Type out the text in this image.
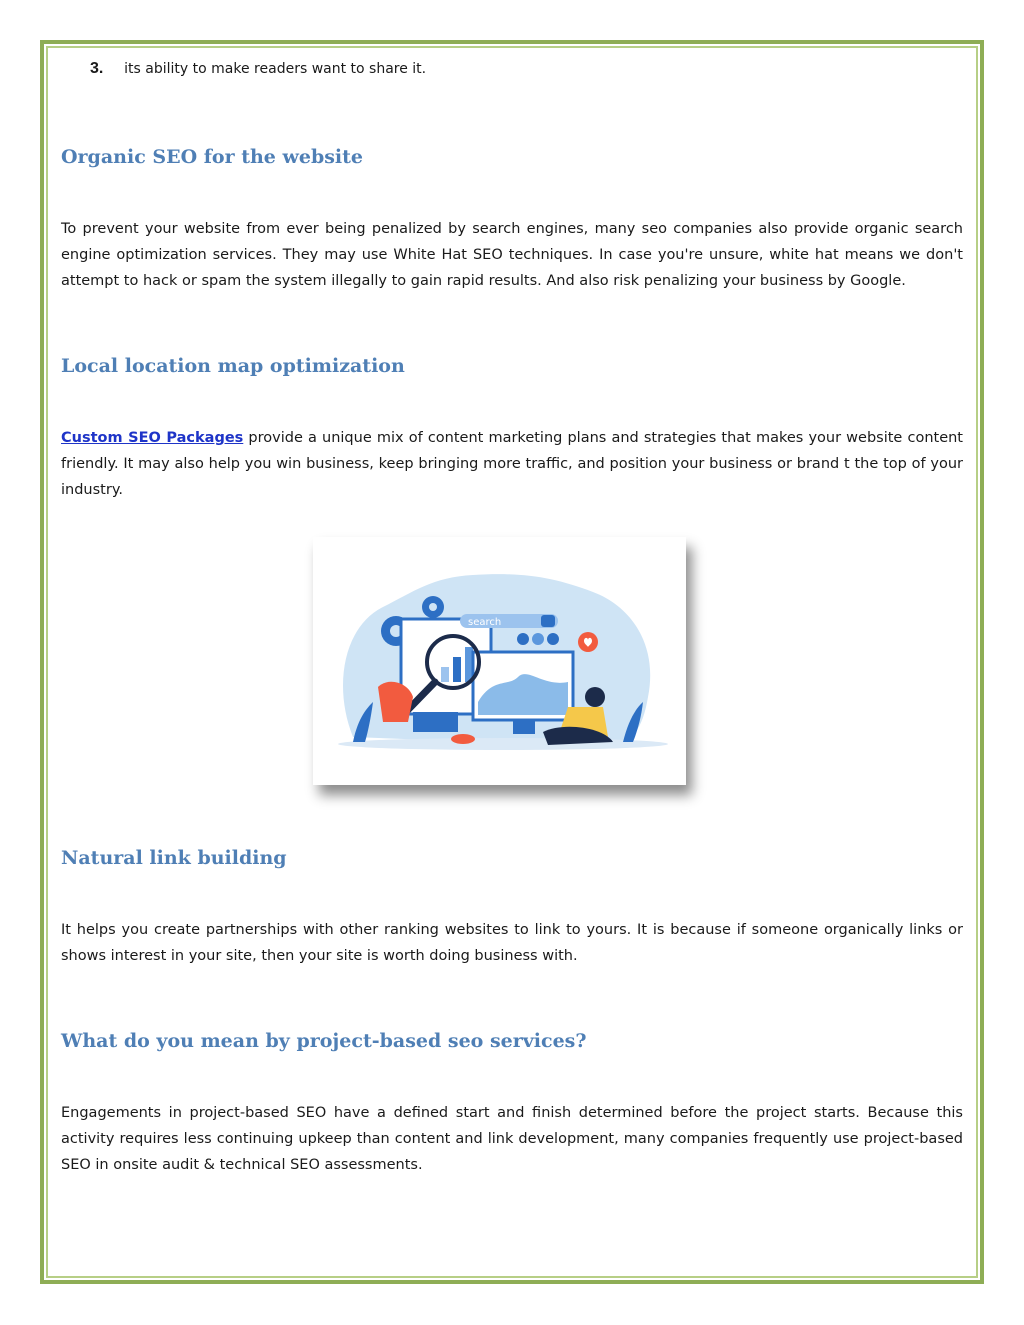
3. its ability to make readers want to share it.
Organic SEO for the website

To prevent your website from ever being penalized by search engines, many seo companies also provide organic search engine optimization services. They may use White Hat SEO techniques. In case you're unsure, white hat means we don't attempt to hack or spam the system illegally to gain rapid results. And also risk penalizing your business by Google.

Local location map optimization

Custom SEO Packages provide a unique mix of content marketing plans and strategies that makes your website content friendly. It may also help you win business, keep bringing more traffic, and position your business or brand t the top of your industry.

search
Natural link building

It helps you create partnerships with other ranking websites to link to yours. It is because if someone organically links or shows interest in your site, then your site is worth doing business with.

What do you mean by project-based seo services?

Engagements in project-based SEO have a defined start and finish determined before the project starts. Because this activity requires less continuing upkeep than content and link development, many companies frequently use project-based SEO in onsite audit & technical SEO assessments.
